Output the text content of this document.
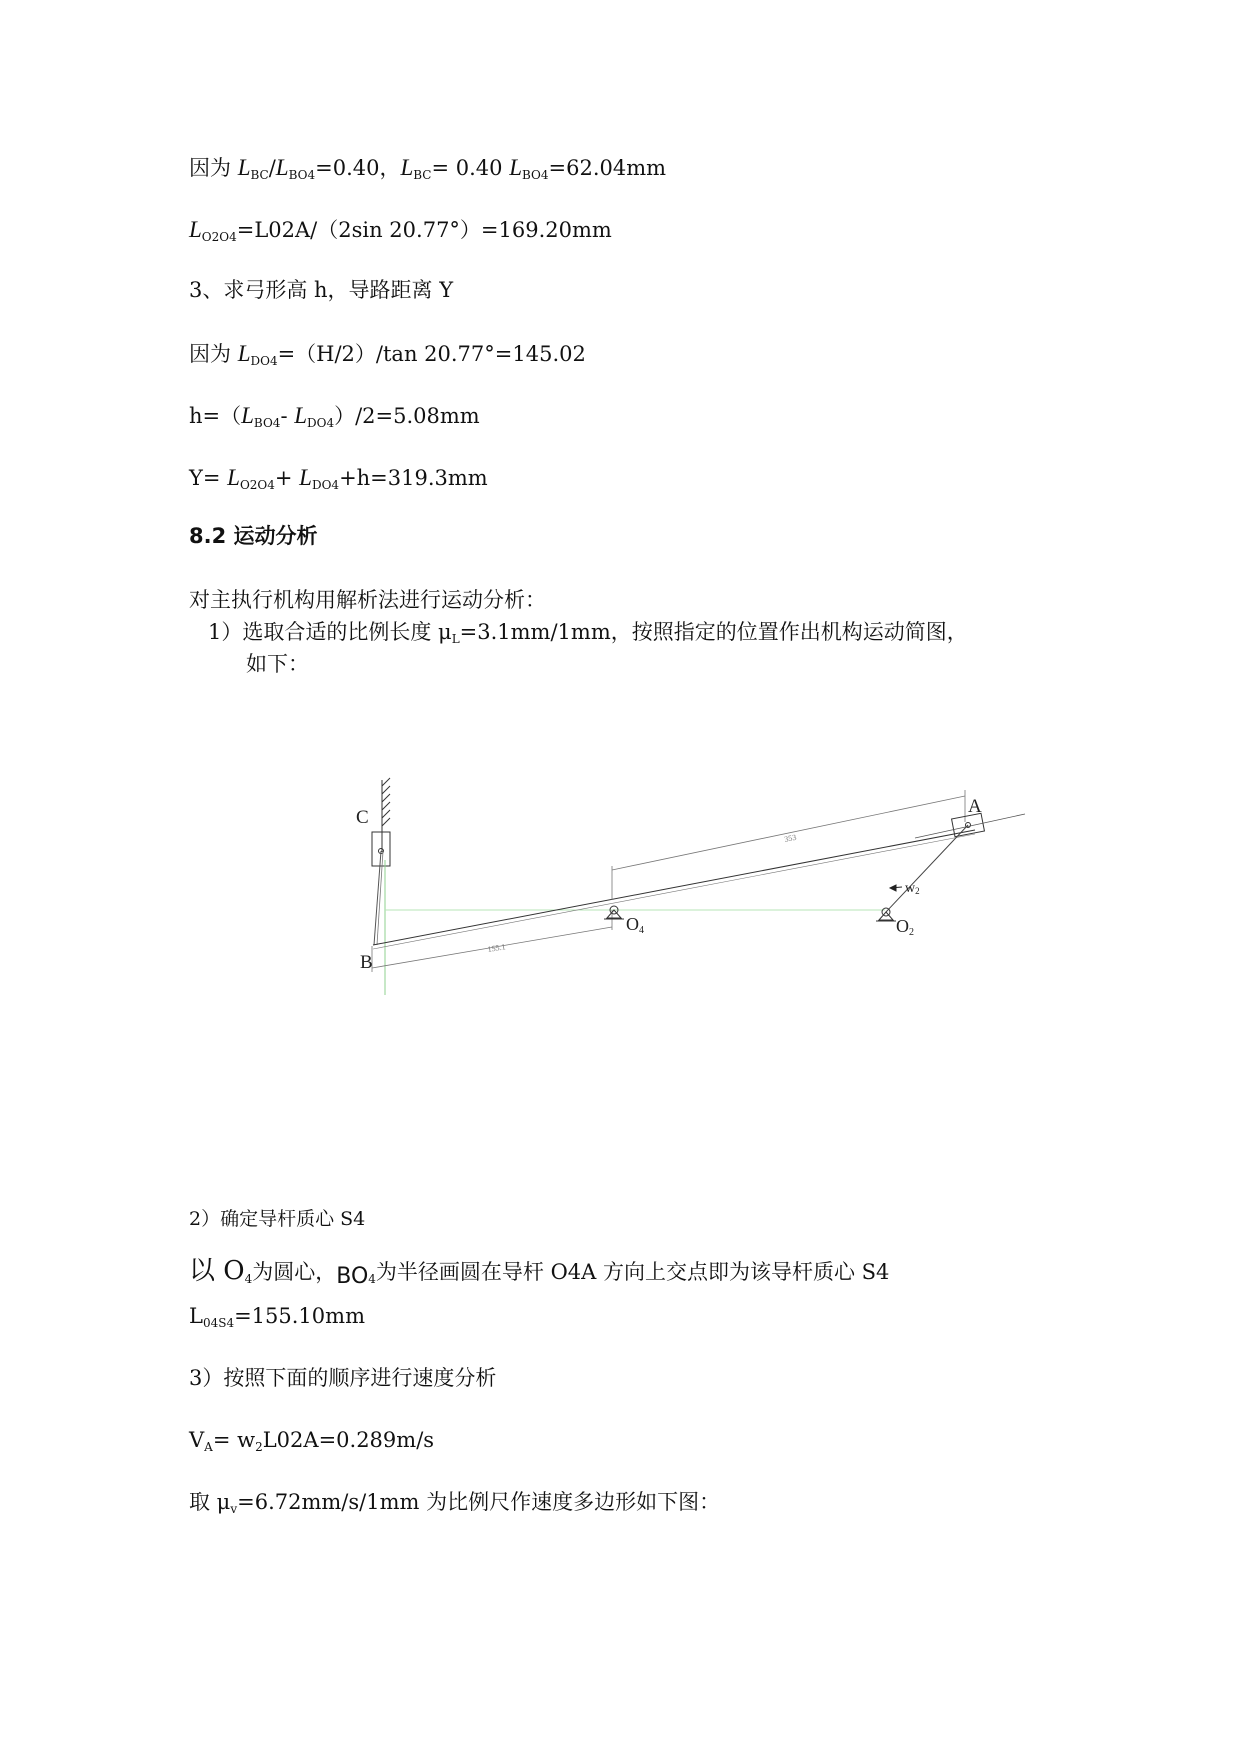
因为 $L_{BC}/L_{BO4}=0.40$，$L_{BC}= 0.40$ $L_{BO4}=62.04mm$
$L_{O2O4}=L02A/(2\sin$ 20.77°）=169.20mm
3、求弓形高 h，导路距离 Y
因为 $L_{DO4}=(H/2)/\tan$ 20.77°=145.02
$h=(L_{BO4}-$ $L_{DO4})/2=5.08mm$
$Y= L_{O2O4}+ L_{DO4}+h=319.3mm$
8.2 运动分析
对主执行机构用解析法进行运动分析：
1）选取合适的比例长度 $\mu_L=3.1mm/1mm$，按照指定的位置作出机构运动简图，
如下：
353
155.1
C
A
B
O4	O2
w2
2）确定导杆质心 S4
以 $O_4$为圆心，$BO_4$为半径画圆在导杆 O4A 方向上交点即为该导杆质心 S4
$L_{04S4}=155.10mm$
3）按照下面的顺序进行速度分析
$V_A= w_2L02A=0.289m/s$
取 $\mu_v=6.72mm/s/1mm$ 为比例尺作速度多边形如下图：
